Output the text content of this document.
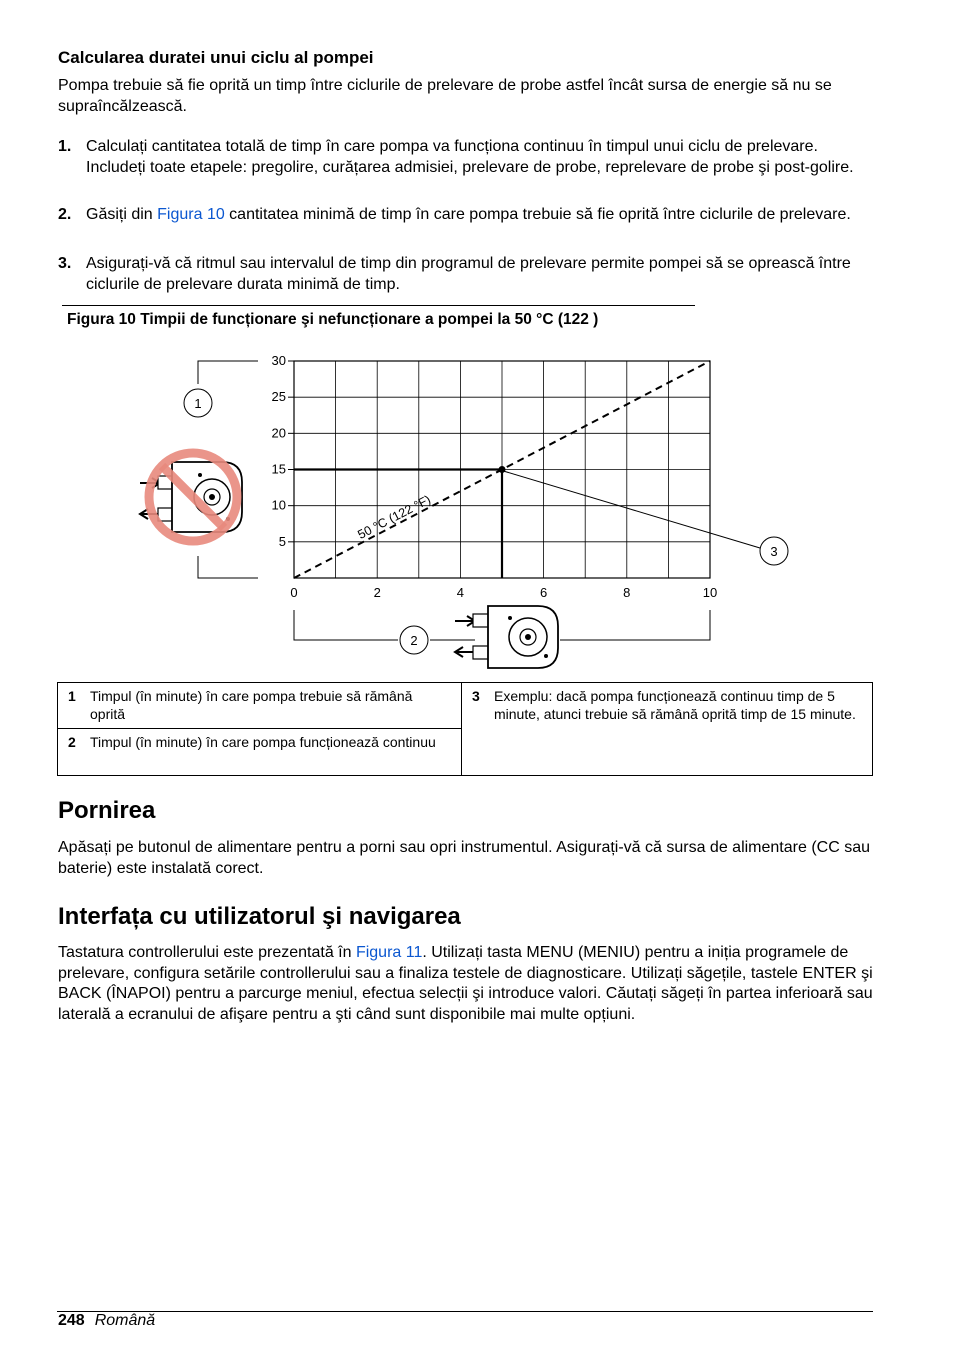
Calcularea duratei unui ciclu al pompei
Pompa trebuie să fie oprită un timp între ciclurile de prelevare de probe astfel încât sursa de energie să nu se supraîncălzească.
1. Calculați cantitatea totală de timp în care pompa va funcționa continuu în timpul unui ciclu de prelevare. Includeți toate etapele: pregolire, curățarea admisiei, prelevare de probe, reprelevare de probe şi post-golire.
2. Găsiți din Figura 10 cantitatea minimă de timp în care pompa trebuie să fie oprită între ciclurile de prelevare.
3. Asigurați-vă că ritmul sau intervalul de timp din programul de prelevare permite pompei să se oprească între ciclurile de prelevare durata minimă de timp.
Figura 10 Timpii de funcționare şi nefuncționare a pompei la 50 °C (122 )
5
10
15
20
25
30
0	2	4	6	8	10
1
2
3
50 °C (122 °F)
1 Timpul (în minute) în care pompa trebuie să rămână oprită	3 Exemplu: dacă pompa funcționează continuu timp de 5 minute, atunci trebuie să rămână oprită timp de 15 minute.
2 Timpul (în minute) în care pompa funcționează continuu
Pornirea
Apăsați pe butonul de alimentare pentru a porni sau opri instrumentul. Asigurați-vă că sursa de alimentare (CC sau baterie) este instalată corect.
Interfața cu utilizatorul şi navigarea
Tastatura controllerului este prezentată în Figura 11. Utilizați tasta MENU (MENIU) pentru a iniția programele de prelevare, configura setările controllerului sau a finaliza testele de diagnosticare. Utilizați săgețile, tastele ENTER şi BACK (ÎNAPOI) pentru a parcurge meniul, efectua selecții şi introduce valori. Căutați săgeți în partea inferioară sau laterală a ecranului de afişare pentru a şti când sunt disponibile mai multe opțiuni.
248 Română
